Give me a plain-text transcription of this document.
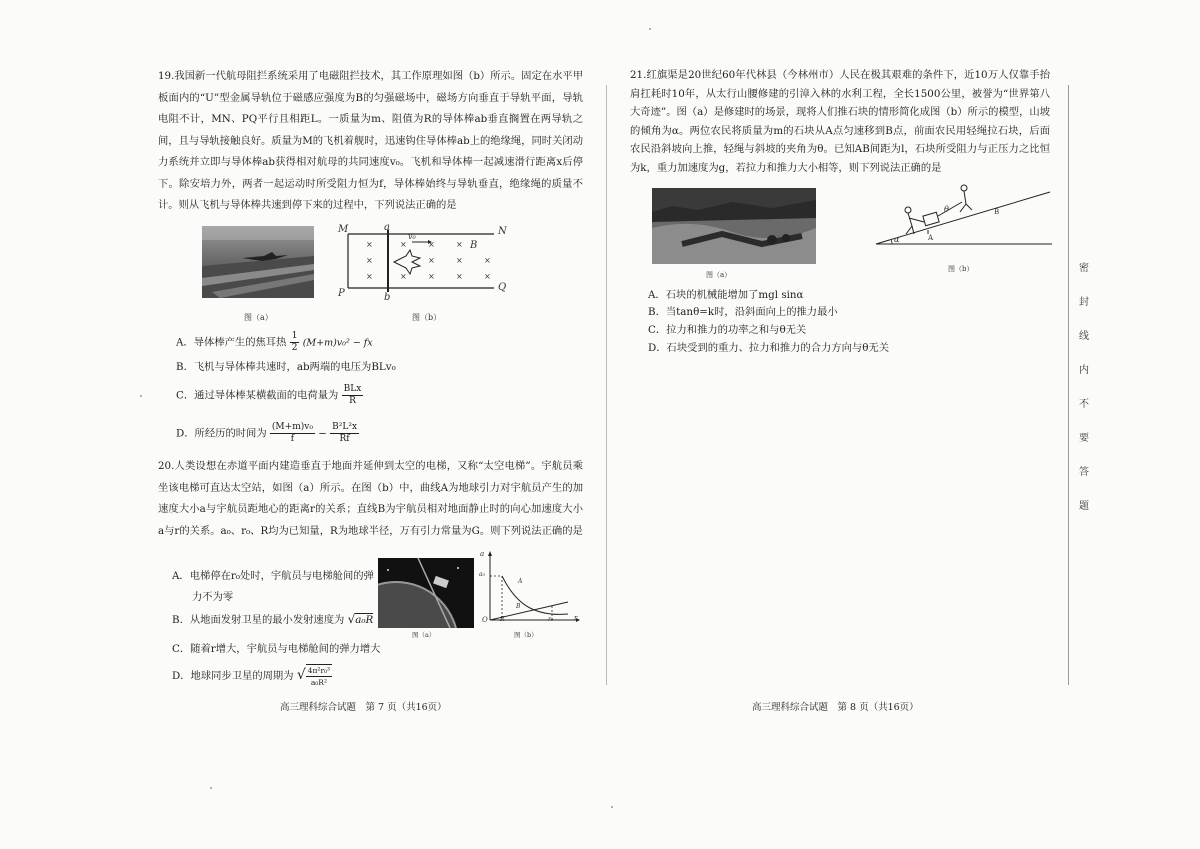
19.我国新一代航母阻拦系统采用了电磁阻拦技术，其工作原理如图（b）所示。固定在水平甲板面内的“U”型金属导轨位于磁感应强度为B的匀强磁场中，磁场方向垂直于导轨平面，导轨电阻不计，MN、PQ平行且相距L。一质量为m、阻值为R的导体棒ab垂直搁置在两导轨之间，且与导轨接触良好。质量为M的飞机着舰时，迅速钩住导体棒ab上的绝缘绳，同时关闭动力系统并立即与导体棒ab获得相对航母的共同速度v₀。飞机和导体棒一起减速滑行距离x后停下。除安培力外，两者一起运动时所受阻力恒为f，导体棒始终与导轨垂直，绝缘绳的质量不计。则从飞机与导体棒共速到停下来的过程中，下列说法正确的是
图（a）
M	N
P
Q
a
b
B
v₀
×
×
×
×
×
×
×
×
×
×
×
×
×
图（b）
A．导体棒产生的焦耳热 $\frac{1}{2} (M+m)v_0^2$ − fx
B．飞机与导体棒共速时，ab两端的电压为BLv₀
C．通过导体棒某横截面的电荷量为 $\frac{\text{BLx}}{R}$
D．所经历的时间为 $\frac{\text{(M+m)v₀}}{f} - \frac{\text{B²L²x}}{Rf}$
20.人类设想在赤道平面内建造垂直于地面并延伸到太空的电梯，又称“太空电梯”。宇航员乘坐该电梯可直达太空站，如图（a）所示。在图（b）中，曲线A为地球引力对宇航员产生的加速度大小a与宇航员距地心的距离r的关系；直线B为宇航员相对地面静止时的向心加速度大小a与r的关系。a₀、r₀、R均为已知量，R为地球半径，万有引力常量为G。则下列说法正确的是
A．电梯停在r₀处时，宇航员与电梯舱间的弹
力不为零
B．从地面发射卫星的最小发射速度为 √a₀R
C．随着r增大，宇航员与电梯舱间的弹力增大
D．地球同步卫星的周期为 √ $\frac{\text{4π²r₀³}}{\text{a₀R²}}$
图（a）
a
a₀
r
O R	r₀
A
B
图（b）
高三理科综合试题　第 7 页（共16页）
21.红旗渠是20世纪60年代林县（今林州市）人民在极其艰难的条件下，近10万人仅靠手抬肩扛耗时10年，从太行山腰修建的引漳入林的水利工程，全长1500公里，被誉为“世界第八大奇迹”。图（a）是修建时的场景，现将人们推石块的情形简化成图（b）所示的模型，山坡的倾角为α。两位农民将质量为m的石块从A点匀速移到B点，前面农民用轻绳拉石块，后面农民沿斜坡向上推，轻绳与斜坡的夹角为θ。已知AB间距为l，石块所受阻力与正压力之比恒为k，重力加速度为g，若拉力和推力大小相等，则下列说法正确的是
图（a）
α
θ
A
B
图（b）
A．石块的机械能增加了mgl sinα
B．当tanθ=k时，沿斜面向上的推力最小
C．拉力和推力的功率之和与θ无关
D．石块受到的重力、拉力和推力的合力方向与θ无关
高三理科综合试题　第 8 页（共16页）
密
封
线
内
不
要
答
题
